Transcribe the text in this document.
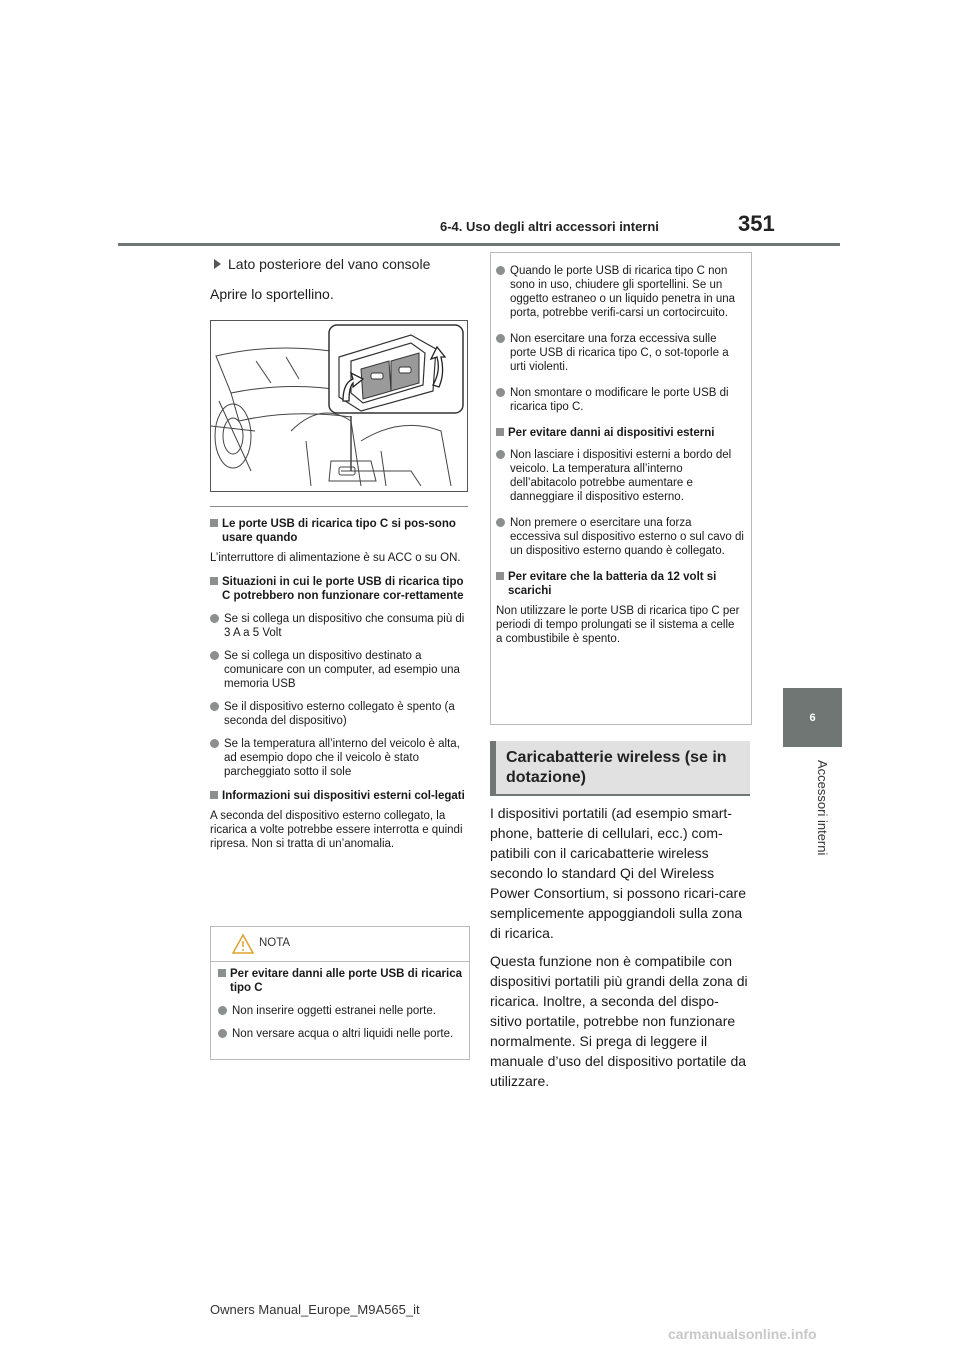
6-4. Uso degli altri accessori interni	351
6
Accessori interni

Lato posteriore del vano console

Aprire lo sportellino.

Le porte USB di ricarica tipo C si pos-sono usare quando
L’interruttore di alimentazione è su ACC o su ON.
Situazioni in cui le porte USB di ricarica tipo C potrebbero non funzionare cor-rettamente
Se si collega un dispositivo che consuma più di 3 A a 5 Volt
Se si collega un dispositivo destinato a comunicare con un computer, ad esempio una memoria USB
Se il dispositivo esterno collegato è spento (a seconda del dispositivo)
Se la temperatura all’interno del veicolo è alta, ad esempio dopo che il veicolo è stato parcheggiato sotto il sole
Informazioni sui dispositivi esterni col-legati
A seconda del dispositivo esterno collegato, la ricarica a volte potrebbe essere interrotta e quindi ripresa. Non si tratta di un’anomalia.
NOTA
Per evitare danni alle porte USB di ricarica tipo C
Non inserire oggetti estranei nelle porte.
Non versare acqua o altri liquidi nelle porte.
Quando le porte USB di ricarica tipo C non sono in uso, chiudere gli sportellini. Se un oggetto estraneo o un liquido penetra in una porta, potrebbe verifi-carsi un cortocircuito.
Non esercitare una forza eccessiva sulle porte USB di ricarica tipo C, o sot-toporle a urti violenti.
Non smontare o modificare le porte USB di ricarica tipo C.
Per evitare danni ai dispositivi esterni
Non lasciare i dispositivi esterni a bordo del veicolo. La temperatura all’interno dell’abitacolo potrebbe aumentare e danneggiare il dispositivo esterno.
Non premere o esercitare una forza eccessiva sul dispositivo esterno o sul cavo di un dispositivo esterno quando è collegato.
Per evitare che la batteria da 12 volt si scarichi
Non utilizzare le porte USB di ricarica tipo C per periodi di tempo prolungati se il sistema a celle a combustibile è spento.
Caricabatterie wireless (se in dotazione)

I dispositivi portatili (ad esempio smart-phone, batterie di cellulari, ecc.) com-patibili con il caricabatterie wireless secondo lo standard Qi del Wireless Power Consortium, si possono ricari-care semplicemente appoggiandoli sulla zona di ricarica.

Questa funzione non è compatibile con dispositivi portatili più grandi della zona di ricarica. Inoltre, a seconda del dispo-sitivo portatile, potrebbe non funzionare normalmente. Si prega di leggere il manuale d’uso del dispositivo portatile da utilizzare.

Owners Manual_Europe_M9A565_it
carmanualsonline.info
